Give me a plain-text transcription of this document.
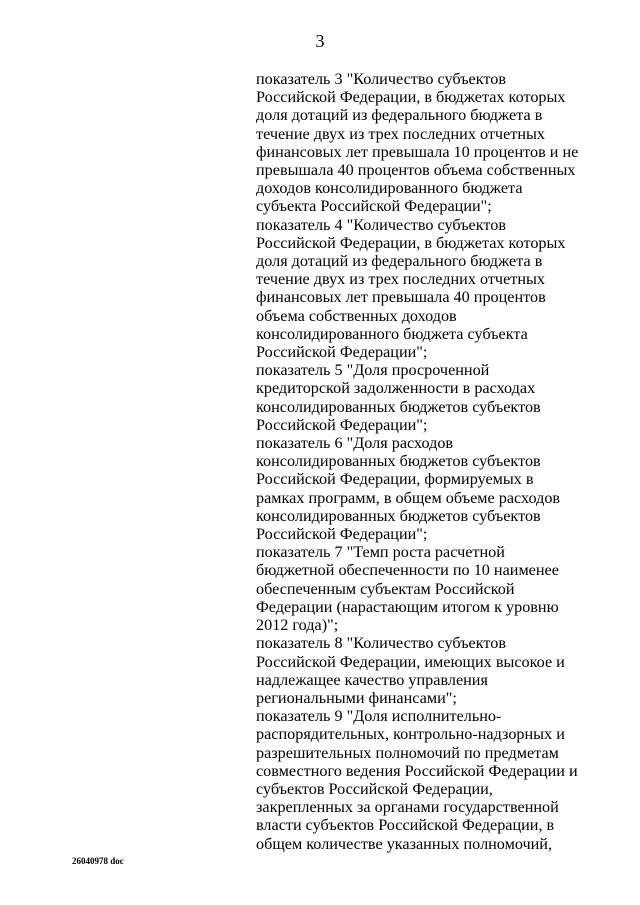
3
показатель 3 "Количество субъектов
Российской Федерации, в бюджетах которых
доля дотаций из федерального бюджета в
течение двух из трех последних отчетных
финансовых лет превышала 10 процентов и не
превышала 40 процентов объема собственных
доходов консолидированного бюджета
субъекта Российской Федерации";
показатель 4 "Количество субъектов
Российской Федерации, в бюджетах которых
доля дотаций из федерального бюджета в
течение двух из трех последних отчетных
финансовых лет превышала 40 процентов
объема собственных доходов
консолидированного бюджета субъекта
Российской Федерации";
показатель 5 "Доля просроченной
кредиторской задолженности в расходах
консолидированных бюджетов субъектов
Российской Федерации";
показатель 6 "Доля расходов
консолидированных бюджетов субъектов
Российской Федерации, формируемых в
рамках программ, в общем объеме расходов
консолидированных бюджетов субъектов
Российской Федерации";
показатель 7 "Темп роста расчетной
бюджетной обеспеченности по 10 наименее
обеспеченным субъектам Российской
Федерации (нарастающим итогом к уровню
2012 года)";
показатель 8 "Количество субъектов
Российской Федерации, имеющих высокое и
надлежащее качество управления
региональными финансами";
показатель 9 "Доля исполнительно-
распорядительных, контрольно-надзорных и
разрешительных полномочий по предметам
совместного ведения Российской Федерации и
субъектов Российской Федерации,
закрепленных за органами государственной
власти субъектов Российской Федерации, в
общем количестве указанных полномочий,
26040978 doc
